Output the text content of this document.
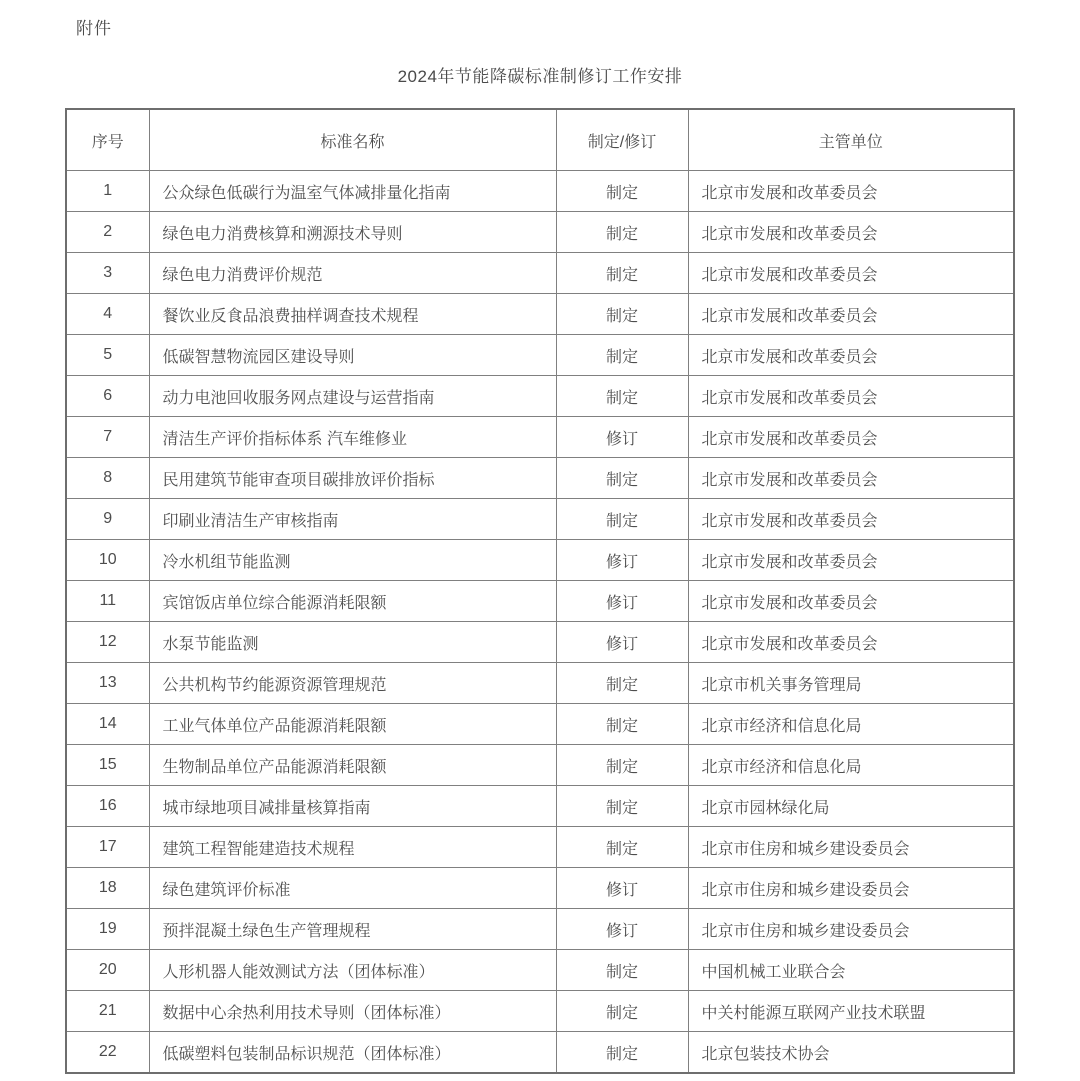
附件
2024年节能降碳标准制修订工作安排
序号	标准名称	制定/修订	主管单位
1	公众绿色低碳行为温室气体减排量化指南	制定	北京市发展和改革委员会
2	绿色电力消费核算和溯源技术导则	制定	北京市发展和改革委员会
3	绿色电力消费评价规范	制定	北京市发展和改革委员会
4	餐饮业反食品浪费抽样调查技术规程	制定	北京市发展和改革委员会
5	低碳智慧物流园区建设导则	制定	北京市发展和改革委员会
6	动力电池回收服务网点建设与运营指南	制定	北京市发展和改革委员会
7	清洁生产评价指标体系 汽车维修业	修订	北京市发展和改革委员会
8	民用建筑节能审查项目碳排放评价指标	制定	北京市发展和改革委员会
9	印刷业清洁生产审核指南	制定	北京市发展和改革委员会
10	冷水机组节能监测	修订	北京市发展和改革委员会
11	宾馆饭店单位综合能源消耗限额	修订	北京市发展和改革委员会
12	水泵节能监测	修订	北京市发展和改革委员会
13	公共机构节约能源资源管理规范	制定	北京市机关事务管理局
14	工业气体单位产品能源消耗限额	制定	北京市经济和信息化局
15	生物制品单位产品能源消耗限额	制定	北京市经济和信息化局
16	城市绿地项目减排量核算指南	制定	北京市园林绿化局
17	建筑工程智能建造技术规程	制定	北京市住房和城乡建设委员会
18	绿色建筑评价标准	修订	北京市住房和城乡建设委员会
19	预拌混凝土绿色生产管理规程	修订	北京市住房和城乡建设委员会
20	人形机器人能效测试方法（团体标准）	制定	中国机械工业联合会
21	数据中心余热利用技术导则（团体标准）	制定	中关村能源互联网产业技术联盟
22	低碳塑料包装制品标识规范（团体标准）	制定	北京包装技术协会
